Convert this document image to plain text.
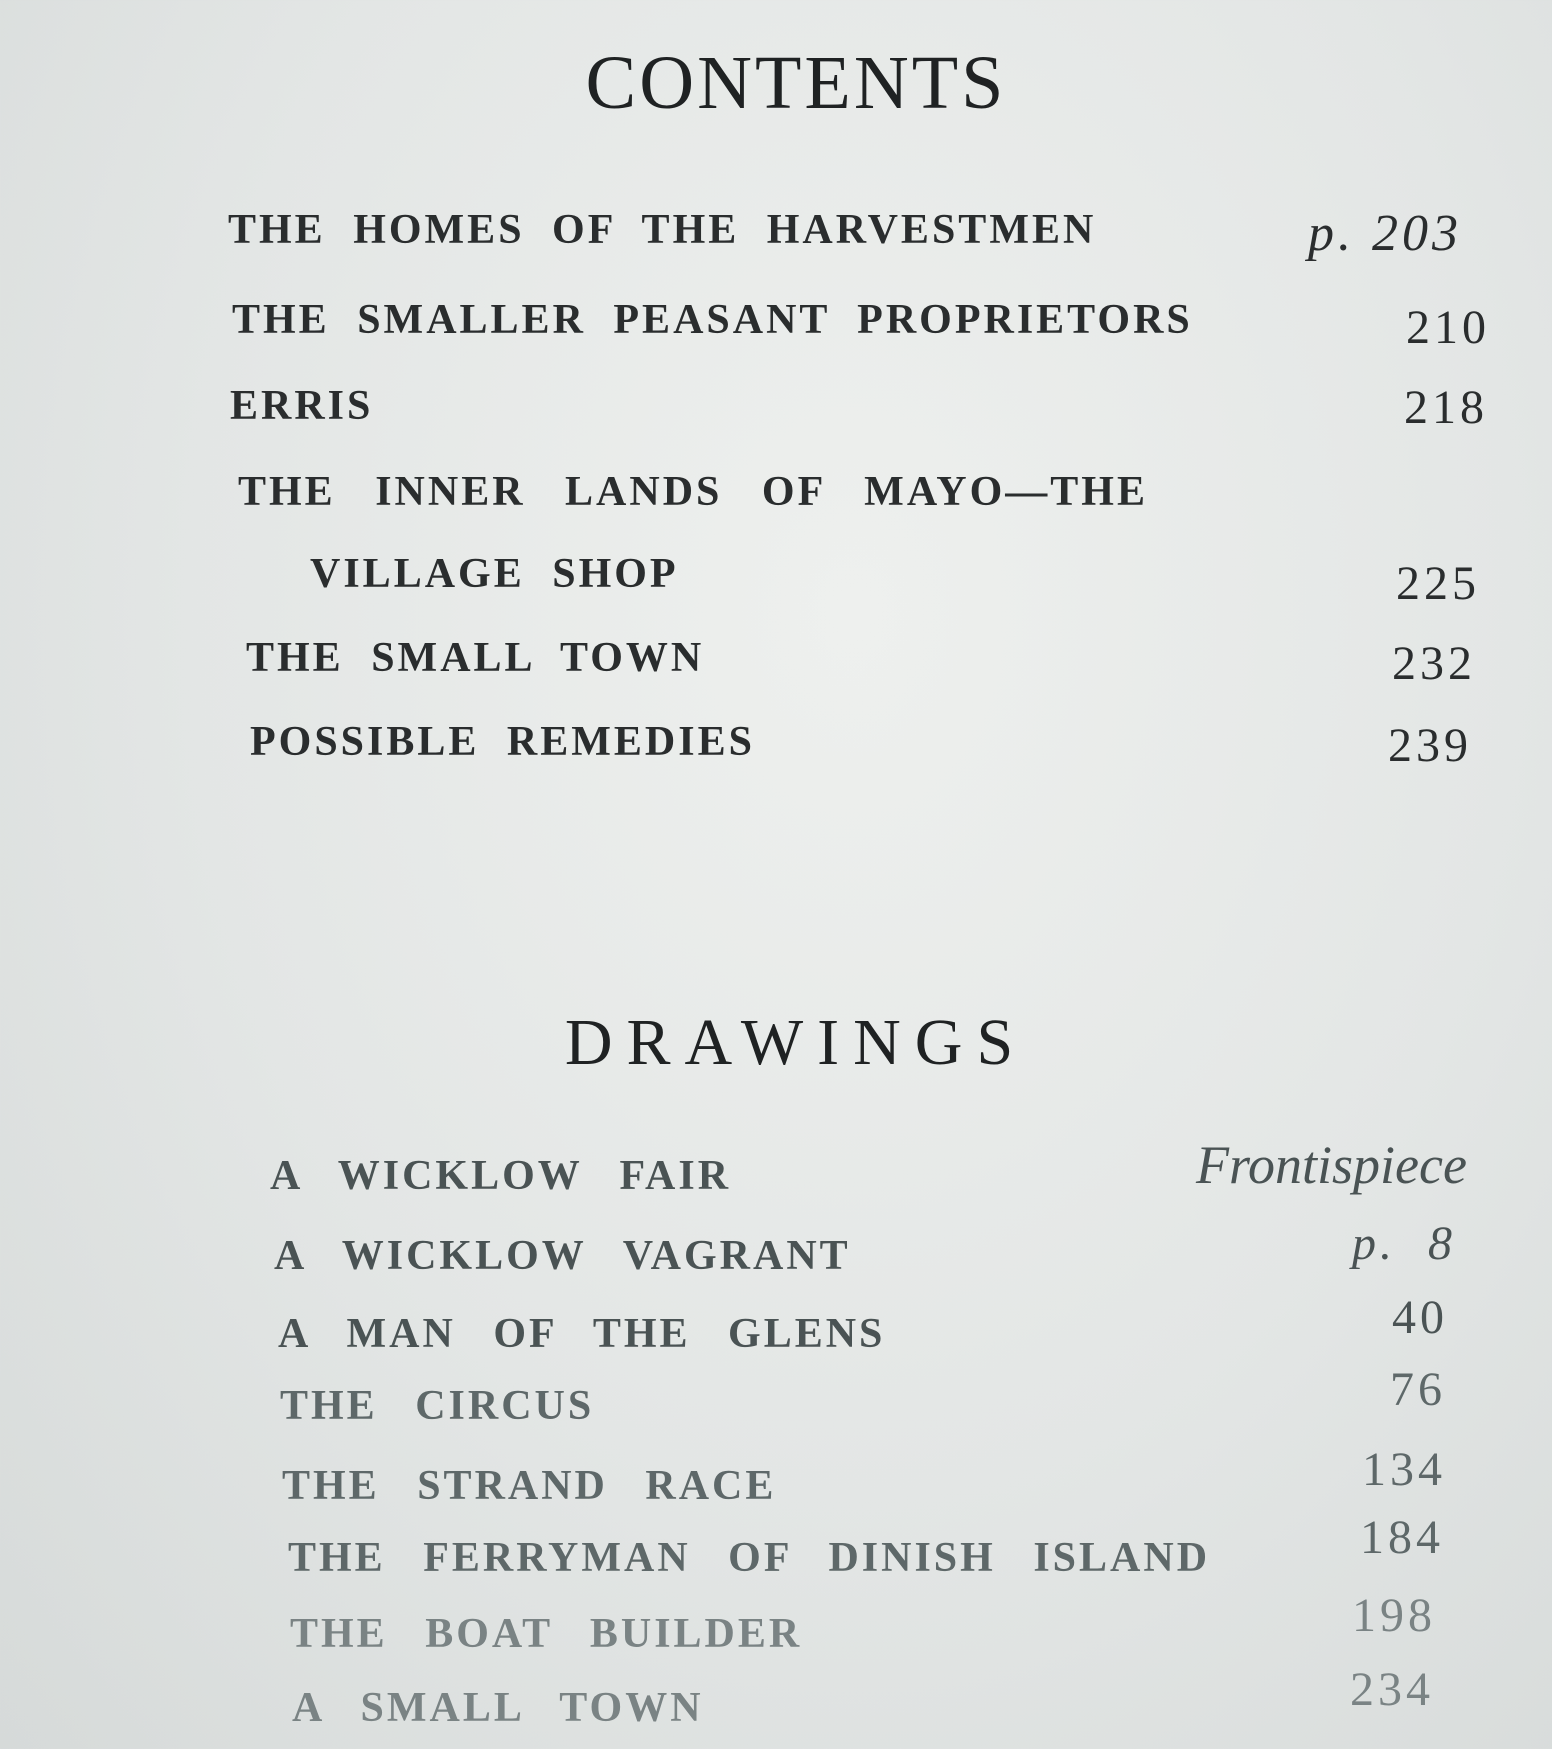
CONTENTS
THE HOMES OF THE HARVESTMEN	p. 203
THE SMALLER PEASANT PROPRIETORS	210
ERRIS	218
THE INNER LANDS OF MAYO—THE
VILLAGE SHOP	225
THE SMALL TOWN	232
POSSIBLE REMEDIES	239
DRAWINGS
A WICKLOW FAIR	Frontispiece
A WICKLOW VAGRANT	p. 8
A MAN OF THE GLENS	40
THE CIRCUS	76
THE STRAND RACE	134
THE FERRYMAN OF DINISH ISLAND	184
THE BOAT BUILDER	198
A SMALL TOWN	234
